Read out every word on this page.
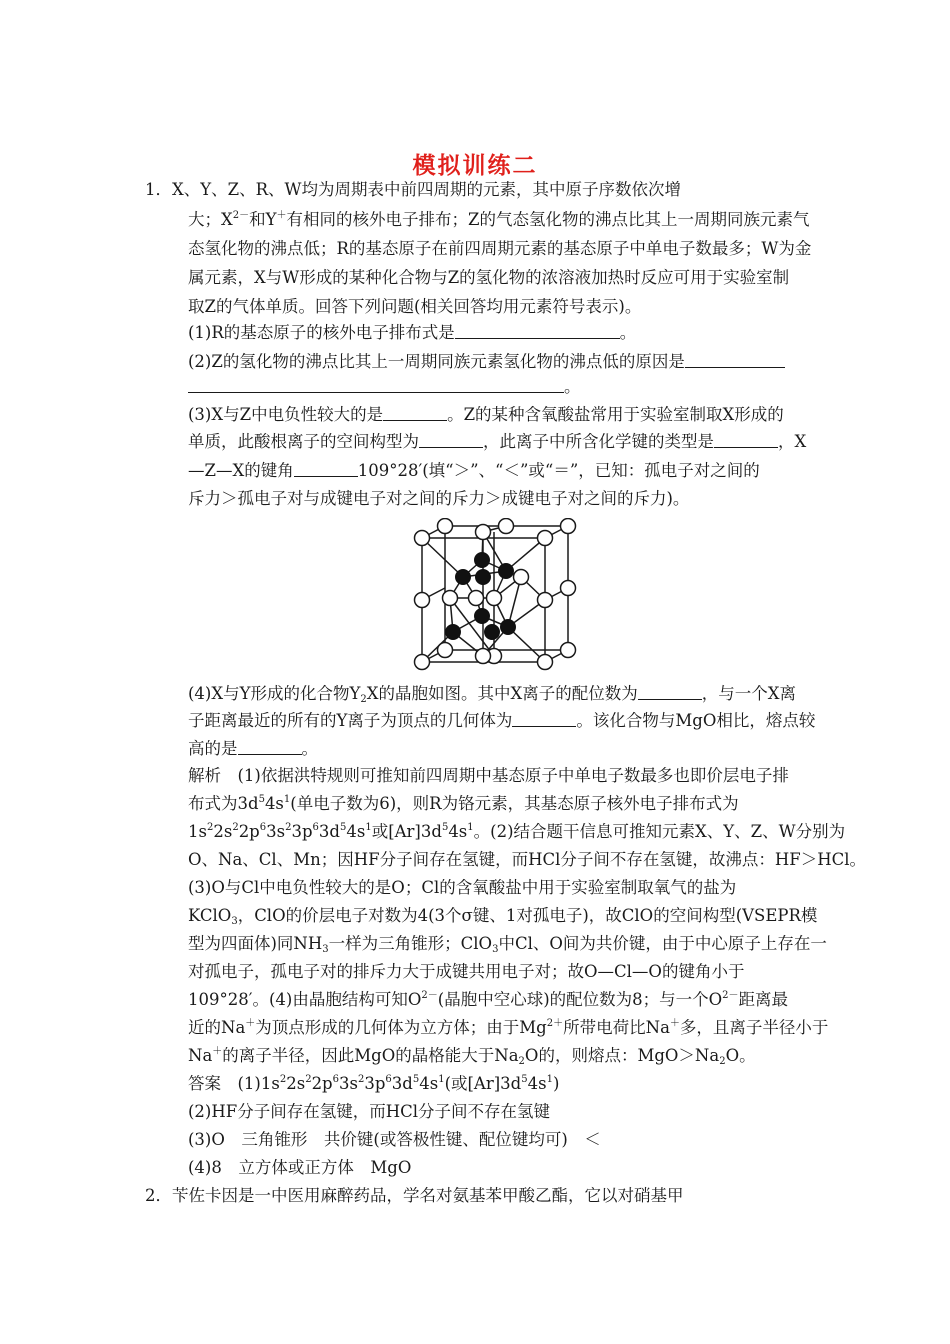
模拟训练二
1．X、Y、Z、R、W均为周期表中前四周期的元素，其中原子序数依次增
大；$X^{2-}$和Y＋有相同的核外电子排布；Z的气态氢化物的沸点比其上一周期同族元素气
态氢化物的沸点低；R的基态原子在前四周期元素的基态原子中单电子数最多；W为金
属元素，X与W形成的某种化合物与Z的氢化物的浓溶液加热时反应可用于实验室制
取Z的气体单质。回答下列问题(相关回答均用元素符号表示)。
(1)R的基态原子的核外电子排布式是	。
(2)Z的氢化物的沸点比其上一周期同族元素氢化物的沸点低的原因是
。
(3)X与Z中电负性较大的是	。Z的某种含氧酸盐常用于实验室制取X形成的
单质，此酸根离子的空间构型为	，此离子中所含化学键的类型是	，X
—Z—X的键角	109°28′(填“＞”、“＜”或“＝”，已知：孤电子对之间的
斥力＞孤电子对与成键电子对之间的斥力＞成键电子对之间的斥力)。
(4)X与Y形成的化合物$Y_2X$的晶胞如图。其中X离子的配位数为	，与一个X离
子距离最近的所有的Y离子为顶点的几何体为	。该化合物与MgO相比，熔点较
高的是	。
解析　(1)依据洪特规则可推知前四周期中基态原子中单电子数最多也即价层电子排
布式为$3d^54s^1$(单电子数为6)，则R为铬元素，其基态原子核外电子排布式为
$1s^22s^22p^63s^23p^63d^54s^1$或$[Ar]3d^54s^1$。(2)结合题干信息可推知元素X、Y、Z、W分别为
O、Na、Cl、Mn；因HF分子间存在氢键，而HCl分子间不存在氢键，故沸点：HF＞HCl。
(3)O与Cl中电负性较大的是O；Cl的含氧酸盐中用于实验室制取氧气的盐为
KClO$_3$，ClO的价层电子对数为4(3个σ键、1对孤电子)，故ClO的空间构型(VSEPR模
型为四面体)同$NH_3$一样为三角锥形；ClO$_3$中Cl、O间为共价键，由于中心原子上存在一
对孤电子，孤电子对的排斥力大于成键共用电子对；故O—Cl—O的键角小于
109°28′。(4)由晶胞结构可知$O^{2-}$(晶胞中空心球)的配位数为8；与一个$O^{2-}$距离最
近的Na＋为顶点形成的几何体为立方体；由于$Mg^{2+}$所带电荷比Na＋多，且离子半径小于
Na＋的离子半径，因此MgO的晶格能大于$Na_2O$的，则熔点：$MgO>Na_2O$。
答案　$(1)1s^22s^22p^63s^23p^63d^54s^1$(或$[Ar]3d^54s^1$)
(2)HF分子间存在氢键，而HCl分子间不存在氢键
(3)O　三角锥形　共价键(或答极性键、配位键均可)　＜
(4)8　立方体或正方体　MgO
2．苄佐卡因是一中医用麻醉药品，学名对氨基苯甲酸乙酯，它以对硝基甲
